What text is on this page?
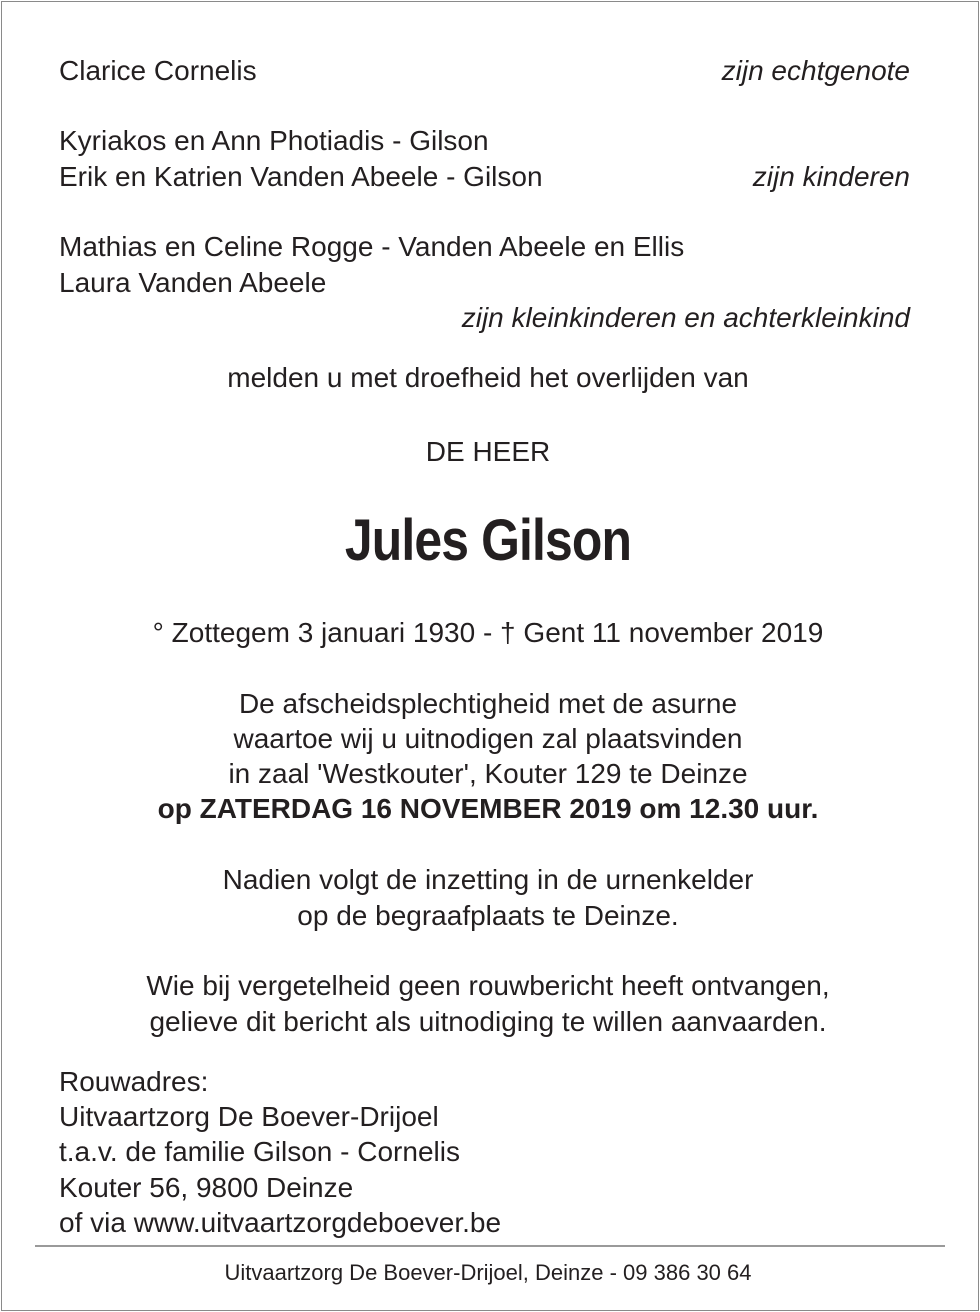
Clarice Cornelis	zijn echtgenote
Kyriakos en Ann Photiadis - Gilson
Erik en Katrien Vanden Abeele - Gilson	zijn kinderen
Mathias en Celine Rogge - Vanden Abeele en Ellis
Laura Vanden Abeele
zijn kleinkinderen en achterkleinkind
melden u met droefheid het overlijden van
DE HEER
Jules Gilson
° Zottegem 3 januari 1930 - † Gent 11 november 2019
De afscheidsplechtigheid met de asurne
waartoe wij u uitnodigen zal plaatsvinden
in zaal 'Westkouter', Kouter 129 te Deinze
op ZATERDAG 16 NOVEMBER 2019 om 12.30 uur.
Nadien volgt de inzetting in de urnenkelder
op de begraafplaats te Deinze.
Wie bij vergetelheid geen rouwbericht heeft ontvangen,
gelieve dit bericht als uitnodiging te willen aanvaarden.
Rouwadres:
Uitvaartzorg De Boever-Drijoel
t.a.v. de familie Gilson - Cornelis
Kouter 56, 9800 Deinze
of via www.uitvaartzorgdeboever.be
Uitvaartzorg De Boever-Drijoel, Deinze - 09 386 30 64
